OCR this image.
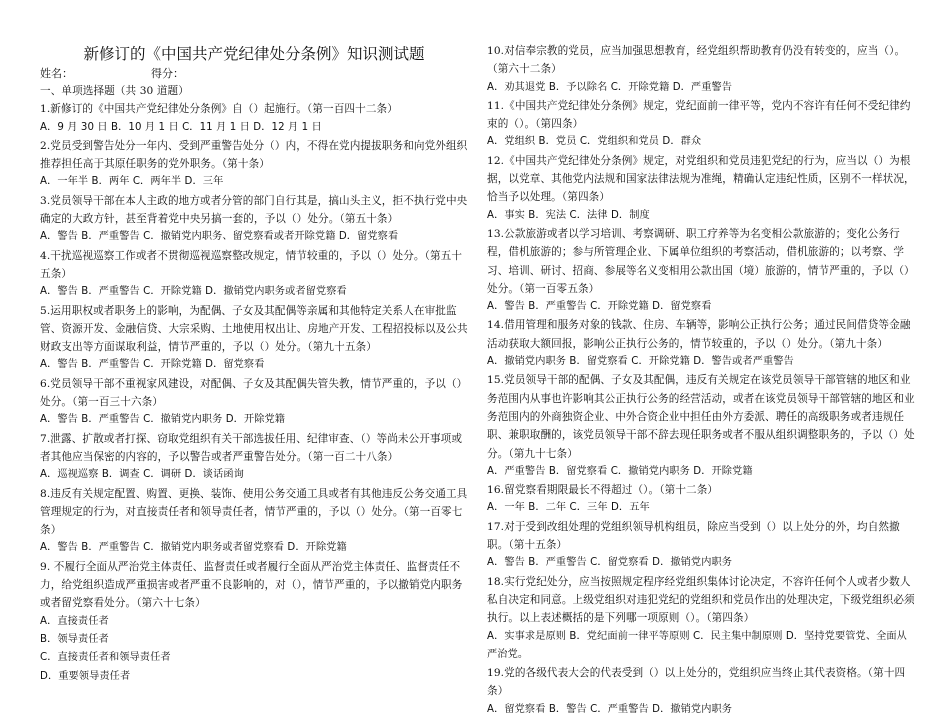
新修订的《中国共产党纪律处分条例》知识测试题
姓名：	得分：

一、单项选择题（共 30 道题）

1.新修订的《中国共产党纪律处分条例》自（）起施行。（第一百四十二条）

A．9 月 30 日 B．10 月 1 日 C．11 月 1 日 D．12 月 1 日

2.党员受到警告处分一年内、受到严重警告处分（）内，不得在党内提拔职务和向党外组织推荐担任高于其原任职务的党外职务。（第十条）

A．一年半 B．两年 C．两年半 D．三年

3.党员领导干部在本人主政的地方或者分管的部门自行其是，搞山头主义，拒不执行党中央确定的大政方针，甚至背着党中央另搞一套的，予以（）处分。（第五十条）

A．警告 B．严重警告 C．撤销党内职务、留党察看或者开除党籍 D．留党察看

4.干扰巡视巡察工作或者不贯彻巡视巡察整改规定，情节较重的，予以（）处分。（第五十五条）

A．警告 B．严重警告 C．开除党籍 D．撤销党内职务或者留党察看

5.运用职权或者职务上的影响，为配偶、子女及其配偶等亲属和其他特定关系人在审批监管、资源开发、金融信贷、大宗采购、土地使用权出让、房地产开发、工程招投标以及公共财政支出等方面谋取利益，情节严重的，予以（）处分。（第九十五条）

A．警告 B．严重警告 C．开除党籍 D．留党察看

6.党员领导干部不重视家风建设，对配偶、子女及其配偶失管失教，情节严重的，予以（）处分。（第一百三十六条）

A．警告 B．严重警告 C．撤销党内职务 D．开除党籍

7.泄露、扩散或者打探、窃取党组织有关干部选拔任用、纪律审查、（）等尚未公开事项或者其他应当保密的内容的，予以警告或者严重警告处分。（第一百二十八条）

A．巡视巡察 B．调查 C．调研 D．谈话函询

8.违反有关规定配置、购置、更换、装饰、使用公务交通工具或者有其他违反公务交通工具管理规定的行为，对直接责任者和领导责任者，情节严重的，予以（）处分。（第一百零七条）

A．警告 B．严重警告 C．撤销党内职务或者留党察看 D．开除党籍

9. 不履行全面从严治党主体责任、监督责任或者履行全面从严治党主体责任、监督责任不力，给党组织造成严重损害或者严重不良影响的，对（），情节严重的，予以撤销党内职务或者留党察看处分。（第六十七条）

A．直接责任者

B．领导责任者

C．直接责任者和领导责任者

D．重要领导责任者

10.对信奉宗教的党员，应当加强思想教育，经党组织帮助教育仍没有转变的，应当（）。（第六十二条）

A．劝其退党 B．予以除名 C．开除党籍 D．严重警告

11.《中国共产党纪律处分条例》规定，党纪面前一律平等，党内不容许有任何不受纪律约束的（）。（第四条）

A．党组织 B．党员 C．党组织和党员 D．群众

12.《中国共产党纪律处分条例》规定，对党组织和党员违犯党纪的行为，应当以（）为根据，以党章、其他党内法规和国家法律法规为准绳，精确认定违纪性质，区别不一样状况，恰当予以处理。（第四条）

A．事实 B．宪法 C．法律 D．制度

13.公款旅游或者以学习培训、考察调研、职工疗养等为名变相公款旅游的；变化公务行程，借机旅游的；参与所管理企业、下属单位组织的考察活动，借机旅游的；以考察、学习、培训、研讨、招商、参展等名义变相用公款出国（境）旅游的，情节严重的，予以（）处分。（第一百零五条）

A．警告 B．严重警告 C．开除党籍 D．留党察看

14.借用管理和服务对象的钱款、住房、车辆等，影响公正执行公务；通过民间借贷等金融活动获取大额回报，影响公正执行公务的，情节较重的，予以（）处分。（第九十条）

A．撤销党内职务 B．留党察看 C．开除党籍 D．警告或者严重警告

15.党员领导干部的配偶、子女及其配偶，违反有关规定在该党员领导干部管辖的地区和业务范围内从事也许影响其公正执行公务的经营活动，或者在该党员领导干部管辖的地区和业务范围内的外商独资企业、中外合资企业中担任由外方委派、聘任的高级职务或者违规任职、兼职取酬的，该党员领导干部不辞去现任职务或者不服从组织调整职务的，予以（）处分。（第九十七条）

A．严重警告 B．留党察看 C．撤销党内职务 D．开除党籍

16.留党察看期限最长不得超过（）。（第十二条）

A．一年 B．二年 C．三年 D．五年

17.对于受到改组处理的党组织领导机构组员，除应当受到（）以上处分的外，均自然撤职。（第十五条）

A．警告 B．严重警告 C．留党察看 D．撤销党内职务

18.实行党纪处分，应当按照规定程序经党组织集体讨论决定，不容许任何个人或者少数人私自决定和同意。上级党组织对违犯党纪的党组织和党员作出的处理决定，下级党组织必须执行。以上表述概括的是下列哪一项原则（）。（第四条）

A．实事求是原则 B．党纪面前一律平等原则 C．民主集中制原则 D．坚持党要管党、全面从严治党。

19.党的各级代表大会的代表受到（）以上处分的，党组织应当终止其代表资格。（第十四条）

A．留党察看 B．警告 C．严重警告 D．撤销党内职务
